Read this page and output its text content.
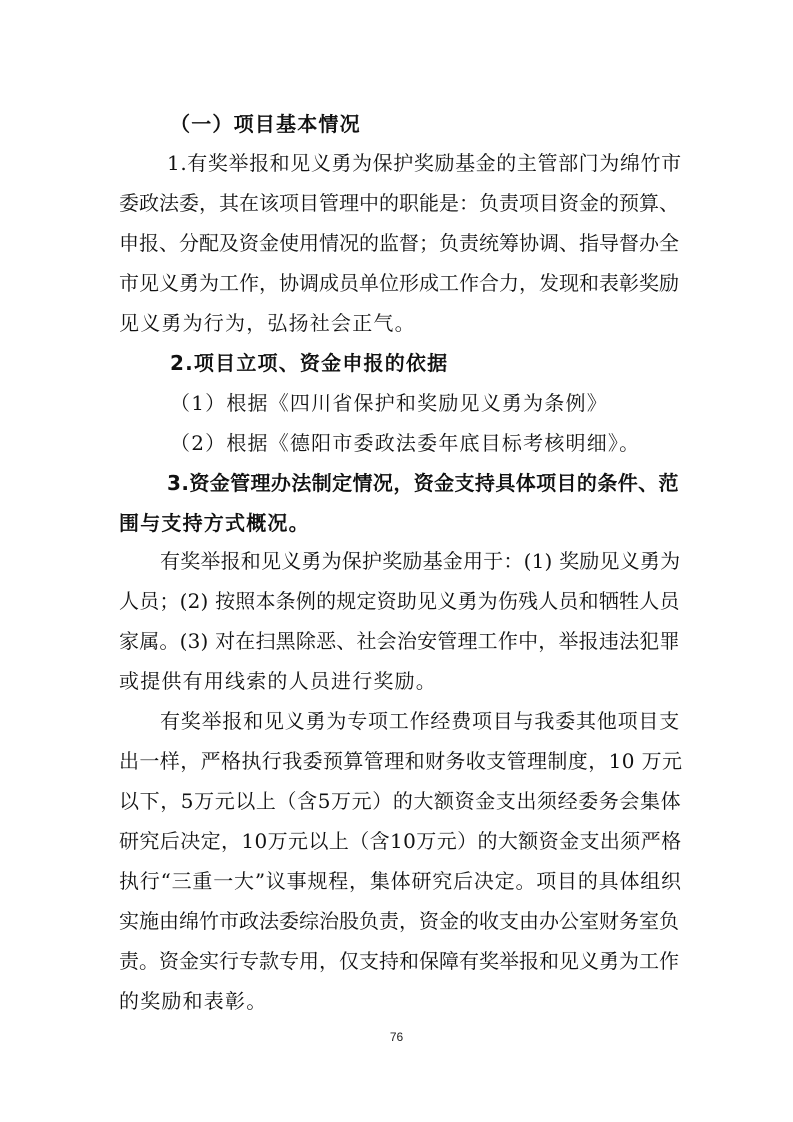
（一）项目基本情况
1.有奖举报和见义勇为保护奖励基金的主管部门为绵竹市
委政法委，其在该项目管理中的职能是：负责项目资金的预算、
申报、分配及资金使用情况的监督；负责统筹协调、指导督办全
市见义勇为工作，协调成员单位形成工作合力，发现和表彰奖励
见义勇为行为，弘扬社会正气。
2.项目立项、资金申报的依据
（1）根据《四川省保护和奖励见义勇为条例》
（2）根据《德阳市委政法委年底目标考核明细》。
3.资金管理办法制定情况，资金支持具体项目的条件、范
围与支持方式概况。
有奖举报和见义勇为保护奖励基金用于：(1) 奖励见义勇为
人员；(2) 按照本条例的规定资助见义勇为伤残人员和牺牲人员
家属。(3) 对在扫黑除恶、社会治安管理工作中，举报违法犯罪
或提供有用线索的人员进行奖励。
有奖举报和见义勇为专项工作经费项目与我委其他项目支
出一样，严格执行我委预算管理和财务收支管理制度，10 万元
以下，5万元以上（含5万元）的大额资金支出须经委务会集体
研究后决定，10万元以上（含10万元）的大额资金支出须严格
执行“三重一大”议事规程，集体研究后决定。项目的具体组织
实施由绵竹市政法委综治股负责，资金的收支由办公室财务室负
责。资金实行专款专用，仅支持和保障有奖举报和见义勇为工作
的奖励和表彰。
76
